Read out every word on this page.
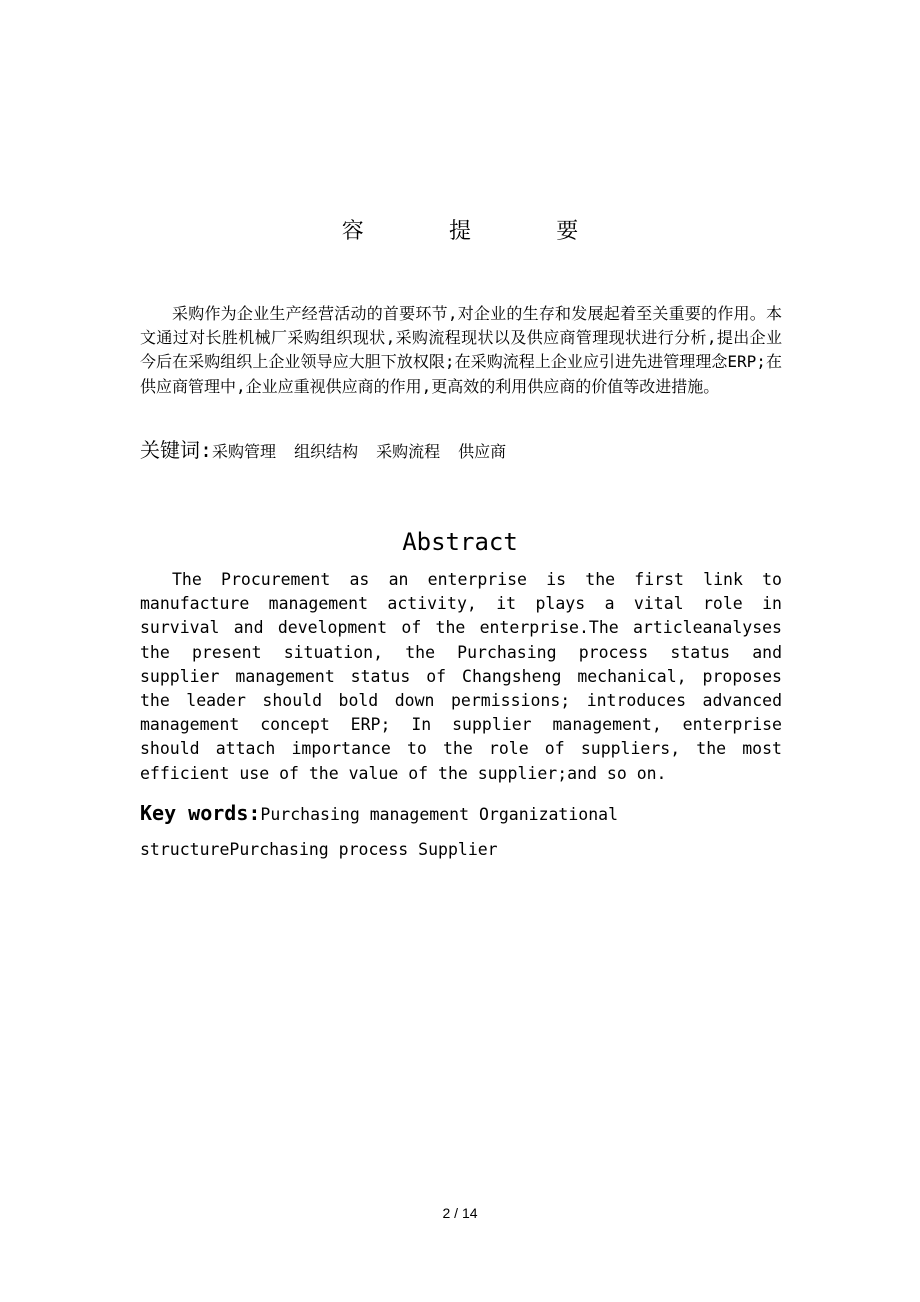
容 提 要

采购作为企业生产经营活动的首要环节,对企业的生存和发展起着至关重要的作用。本文通过对长胜机械厂采购组织现状,采购流程现状以及供应商管理现状进行分析,提出企业今后在采购组织上企业领导应大胆下放权限;在采购流程上企业应引进先进管理理念ERP;在供应商管理中,企业应重视供应商的作用,更高效的利用供应商的价值等改进措施。

关键词:采购管理 组织结构 采购流程 供应商
Abstract

The Procurement as an enterprise is the first link to manufacture management activity, it plays a vital role in survival and development of the enterprise.The articleanalyses the present situation, the Purchasing process status and supplier management status of Changsheng mechanical, proposes the leader should bold down permissions; introduces advanced management concept ERP; In supplier management, enterprise should attach importance to the role of suppliers, the most efficient use of the value of the supplier;and so on.

Key words:Purchasing management Organizational structurePurchasing process Supplier
2 / 14
